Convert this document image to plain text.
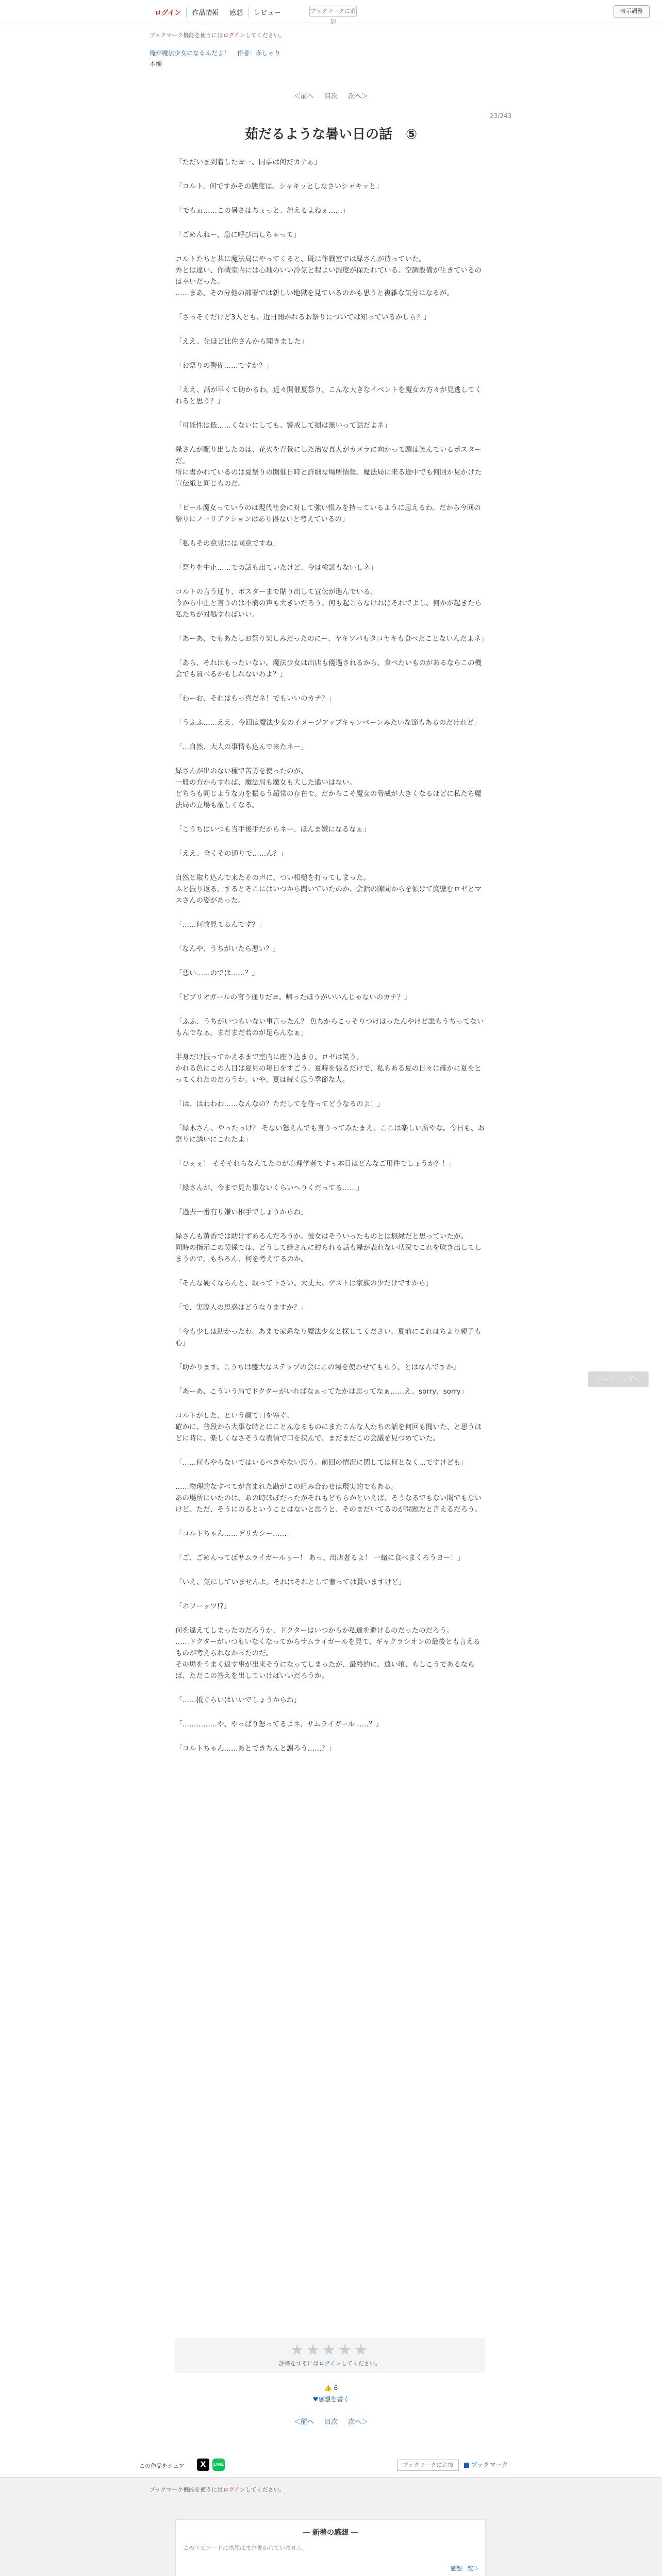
ログイン	作品情報	感想	レビュー	ブックマークに追加
表示調整
ブックマーク機能を使うにはログインしてください。
俺が魔法少女になるんだよ！ 作者：赤しゃり
本編
＜前へ 目次 次へ＞
23/243
茹だるような暑い日の話　⑤

「ただいま到着したヨー、同事は何だカナぁ」

「コルト、何ですかその態度は。シャキッとしなさいシャキッと」

「でもぉ……この暑さはちょっと、溶えるよねぇ……」

「ごめんねー、急に呼び出しちゃって」

コルトたちと共に魔法局にやってくると、既に作戦室では緑さんが待っていた。
外とは違い、作戦室内には心地のいい冷気と程よい湿度が保たれている。空調設備が生きているのは幸いだった。
……まあ、その分他の部署では新しい地獄を見ているのかも思うと複雑な気分になるが。

「さっそくだけど3人とも、近日開かれるお祭りについては知っているかしら？」

「ええ、先ほど比佐さんから聞きました」

「お祭りの警備……ですか？」

「ええ、話が早くて助かるわ。近々開催夏祭り、こんな大きなイベントを魔女の方々が見逃してくれると思う？」

「可能性は低……くないにしても、警戒して損は無いって話だよネ」

緑さんが配り出したのは、花火を背景にした治安真人がカメラに向かって頭は笑んでいるポスターだ。
所に書かれているのは夏祭りの開催日時と詳細な場所情報。魔法局に来る途中でも何回か見かけた宣伝紙と同じものだ。

「ビール魔女っていうのは現代社会に対して強い恨みを持っているように思えるわ。だから今回の祭りにノーリアクションはあり得ないと考えているの」

「私もその意見には同意ですね」

「祭りを中止……での話も出ていたけど、今は検証もないしネ」

コルトの言う通り、ポスターまで貼り出して宣伝が進んでいる。
今から中止と言うのは不満の声も大きいだろう。何も起こらなければそれでよし、何かが起きたら私たちが対処すればいい。

「あーあ、でもあたしお祭り楽しみだったのにー、ヤキソバもタコヤキも食べたことないんだよネ」

「あら、それはもったいない。魔法少女は出店も優遇されるから、食べたいものがあるならこの機会でも買べるかもしれないわよ？」

「わーお、それはもっ喜だネ！でもいいのカナ？」

「うふふ……ええ、今回は魔法少女のイメージアップキャンペーンみたいな節もあるのだけれど」

「…自然、大人の事情も込んで来たネー」

緑さんが出のない種で苦労を使ったのが、
一般の方からすれば、魔法局も魔女も大した違いはない。
どちらも同じような力を振るう超常の存在で。だからこそ魔女の脅威が大きくなるほどに私たち魔法局の立場も厳しくなる。

「こうちはいつも当手後手だからネー、ほんま嫌になるなぁ」

「ええ、全くその通りで……ん？」

自然と取り込んで来たその声に、つい相槌を打ってしまった。
ふと振り返る。するとそこにはいつから聞いていたのか、会話の隙間からを傾けて胸壁むロゼとマスさんの姿があった。

「……何故見てるんです？」

「なんや、うちがいたら悪い？」

「悪い……のでは……？」

「ビブリオガールの言う通りだヨ。帰ったほうがいいんじゃないのカナ？」

「ふふ、うちがいつもいない事言ったん？ 魚ちからこっそりつけはったんやけど誰もうちってないもんでなぁ。まだまだ若のが足らんなぁ」

半身だけ振ってかえるまで室内に座り込まり、ロゼは笑う。
かれる色にこの人目は夏見の毎日をすごう、夏時を張るだけで、私もある夏の日々に確かに夏をとってくれたのだろうか。いや、夏は続く思う季節な人。

「は、はわわわ……なんなの？ただしてを待ってどうなるのよ！」

「緑木さん、やったっけ？ そない怒えんでも言うってみたまえ、ここは楽しい所やな。今日も、お祭りに誘いにこれたよ」

「ひぇぇ！ そそそれらなんてたのが心理学者ですぅ本日はどんなご用件でしょうか？！」

「緑さんが、今まで見た事ないくらいへりくだってる……」

「過去一番有り嫌い相手でしょうからね」

緑さんも黄香では助けずあるんだろうか。彼女はそういったものとは無縁だと思っていたが。
同時の指示この関係では、どうして緑さんに縛られる話も緑が表れない状況でこれを吹き出してしまうので。もちろん、何を考えてるのか。

「そんな硬くならんと、取って下さい。大丈夫、ゲストは家族の少だけですから」

「で、実際人の思惑はどうなりますか？」

「今も少しは助かったわ。あまで家系なり魔法少女と探してください。夏前にこれはちより親子も心」

「助かります。こうちは盛大なステップの会にこの場を使わせてもらう、とはなんですか」

「あーあ、こういう局でドクターがいればなぁってたかは思ってなぁ……え、sorry、sorry」

コルトがした、という顔で口を塞ぐ。
確かに、普段から大事な時とにことんなるものにまたこんな人たちの話を何回も聞いた、と思うほどに時に、楽しくなさそうな表情で口を挟んで、まだまだこの会議を見つめていた。

「……何もやらないではいるべきやない思う。前回の情況に関しては何となく…ですけども」

……物理的なすべてが含まれた勘がこの組み合わせは現実的でもある。
あの場所にいたのは、あの時ほぼだったがそれもどちらかといえば、そうなるでもない間でもないけど。ただ、そうにのるということはないと思うと、そのまだいてるのが問題だと言えるだろう。

「コルトちゃん……デリカシー……」

「ご、ごめんってばサムライガールぅー！ あっ、出店奢るよ！ 一緒に食べまくろうヨー！」

「いえ、気にしていませんよ。それはそれとして奢っては貰いますけど」

「ホワーッツ!?」

何を違えてしまったのだろうか、ドクターはいつからか私達を避けるのだったのだろう。
……ドクターがいつもいなくなってからサムライガールを見て、ギャクラシオンの最後とも言えるものが考えられなかったのだ。
その場をうまく返す事が出来そうになってしまったが、最終的に、遠い頃、もしこうであるならば、ただこの答えを出していけばいいだろうか。

「……抵ぐらいはいいでしょうからね」

「……………や、やっぱり怒ってるよネ、サムライガール……？」

「コルトちゃん……あとできちんと謝ろう……？」

★★★★★
評価をするにはログインしてください。
👍 6
♥感想を書く
＜前へ 目次 次へ＞
ページトップへ
この作品をシェア	X	LINE	ブックマークに追加	ブックマーク
ブックマーク機能を使うにはログインしてください。
― 新着の感想 ―
このエピソードに感想はまだ書かれていません。
感想一覧＞
